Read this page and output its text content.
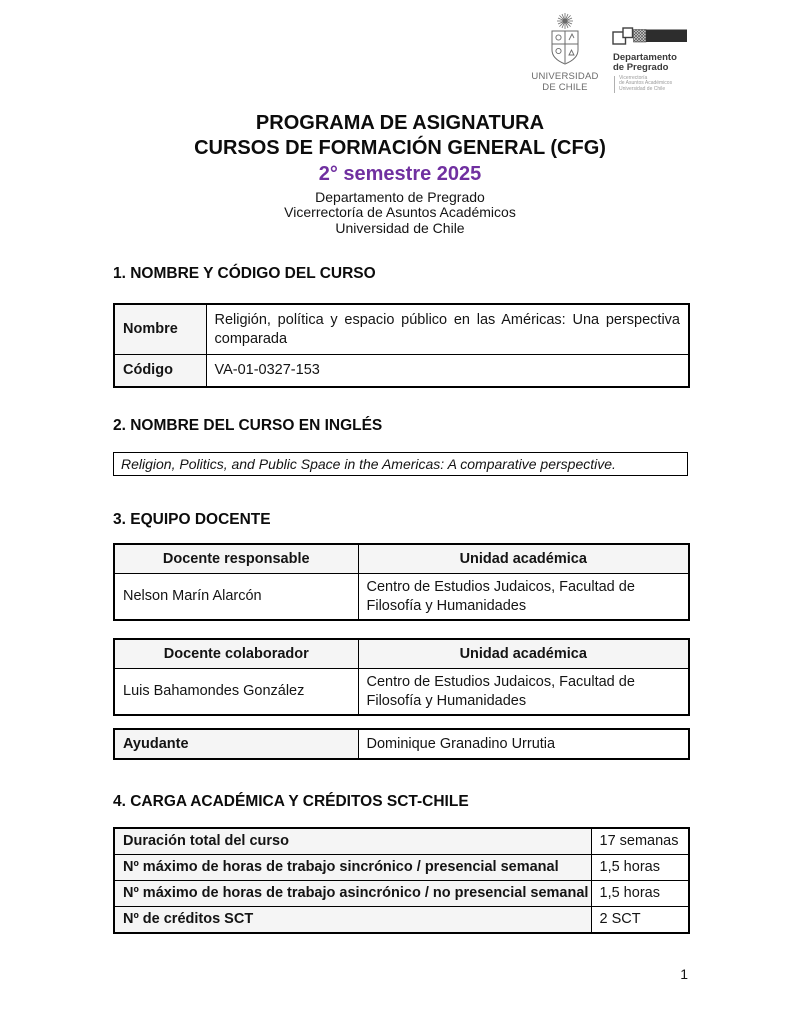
UNIVERSIDAD
DE CHILE
Departamento
de Pregrado
Vicerrectoría
de Asuntos Académicos
Universidad de Chile
PROGRAMA DE ASIGNATURA
CURSOS DE FORMACIÓN GENERAL (CFG)
2° semestre 2025
Departamento de Pregrado
Vicerrectoría de Asuntos Académicos
Universidad de Chile
1. NOMBRE Y CÓDIGO DEL CURSO
Nombre	Religión, política y espacio público en las Américas: Una perspectiva comparada
Código	VA-01-0327-153
2. NOMBRE DEL CURSO EN INGLÉS
Religion, Politics, and Public Space in the Americas: A comparative perspective.
3. EQUIPO DOCENTE
Docente responsable	Unidad académica
Nelson Marín Alarcón	Centro de Estudios Judaicos, Facultad de Filosofía y Humanidades
Docente colaborador	Unidad académica
Luis Bahamondes González	Centro de Estudios Judaicos, Facultad de Filosofía y Humanidades
Ayudante	Dominique Granadino Urrutia
4. CARGA ACADÉMICA Y CRÉDITOS SCT-CHILE
Duración total del curso	17 semanas
Nº máximo de horas de trabajo sincrónico / presencial semanal	1,5 horas
Nº máximo de horas de trabajo asincrónico / no presencial semanal	1,5 horas
Nº de créditos SCT	2 SCT
1
